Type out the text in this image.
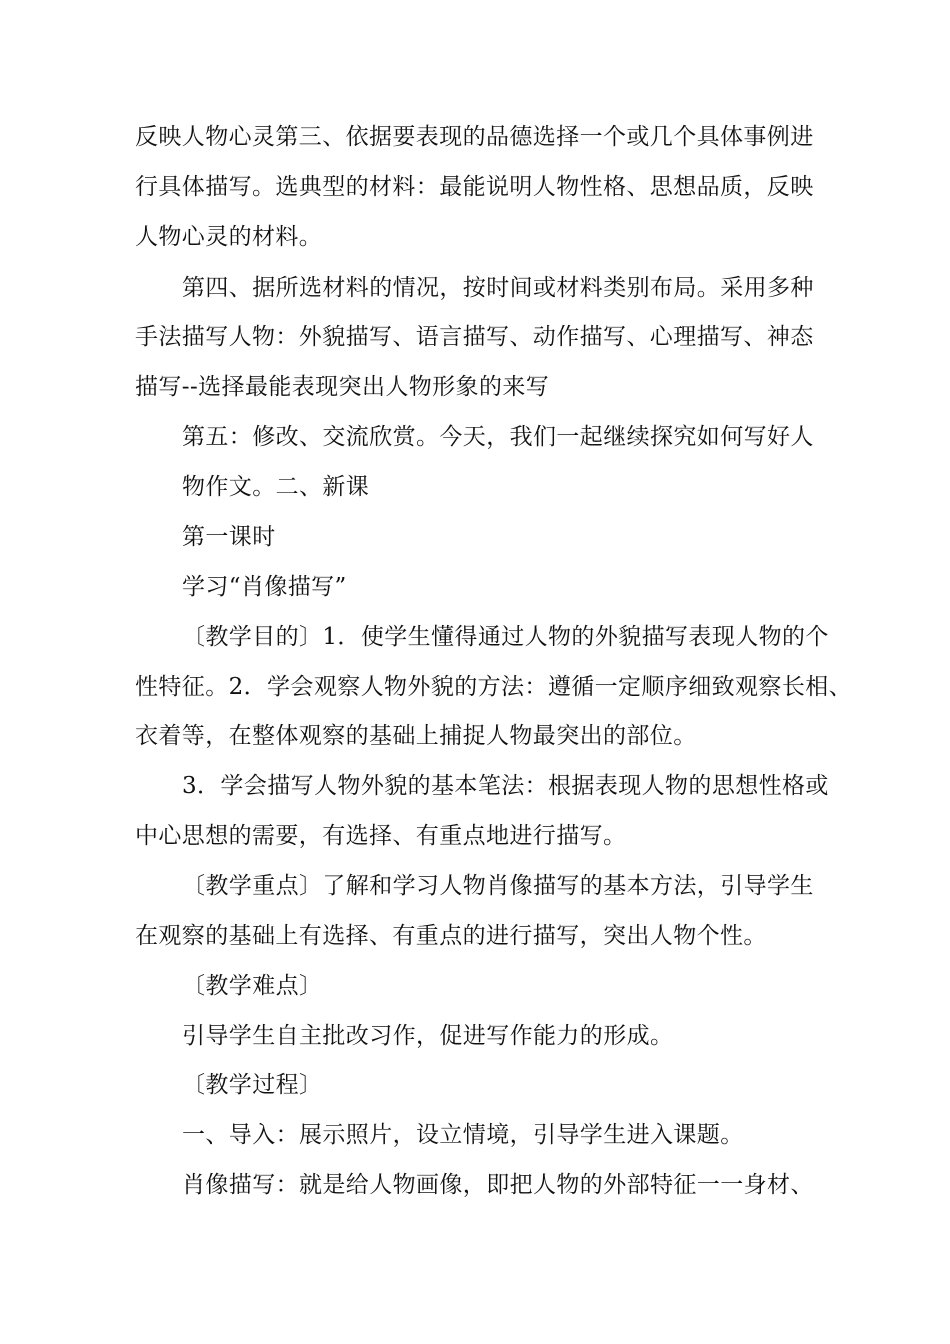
反映人物心灵第三、依据要表现的品德选择一个或几个具体事例进
行具体描写。选典型的材料：最能说明人物性格、思想品质，反映
人物心灵的材料。
第四、据所选材料的情况，按时间或材料类别布局。采用多种
手法描写人物：外貌描写、语言描写、动作描写、心理描写、神态
描写--选择最能表现突出人物形象的来写
第五：修改、交流欣赏。今天，我们一起继续探究如何写好人
物作文。二、新课
第一课时
学习“肖像描写”
〔教学目的〕1．使学生懂得通过人物的外貌描写表现人物的个
性特征。2．学会观察人物外貌的方法：遵循一定顺序细致观察长相、
衣着等，在整体观察的基础上捕捉人物最突出的部位。
3．学会描写人物外貌的基本笔法：根据表现人物的思想性格或
中心思想的需要，有选择、有重点地进行描写。
〔教学重点〕了解和学习人物肖像描写的基本方法，引导学生
在观察的基础上有选择、有重点的进行描写，突出人物个性。
〔教学难点〕
引导学生自主批改习作，促进写作能力的形成。
〔教学过程〕
一、导入：展示照片，设立情境，引导学生进入课题。
肖像描写：就是给人物画像，即把人物的外部特征一一身材、
